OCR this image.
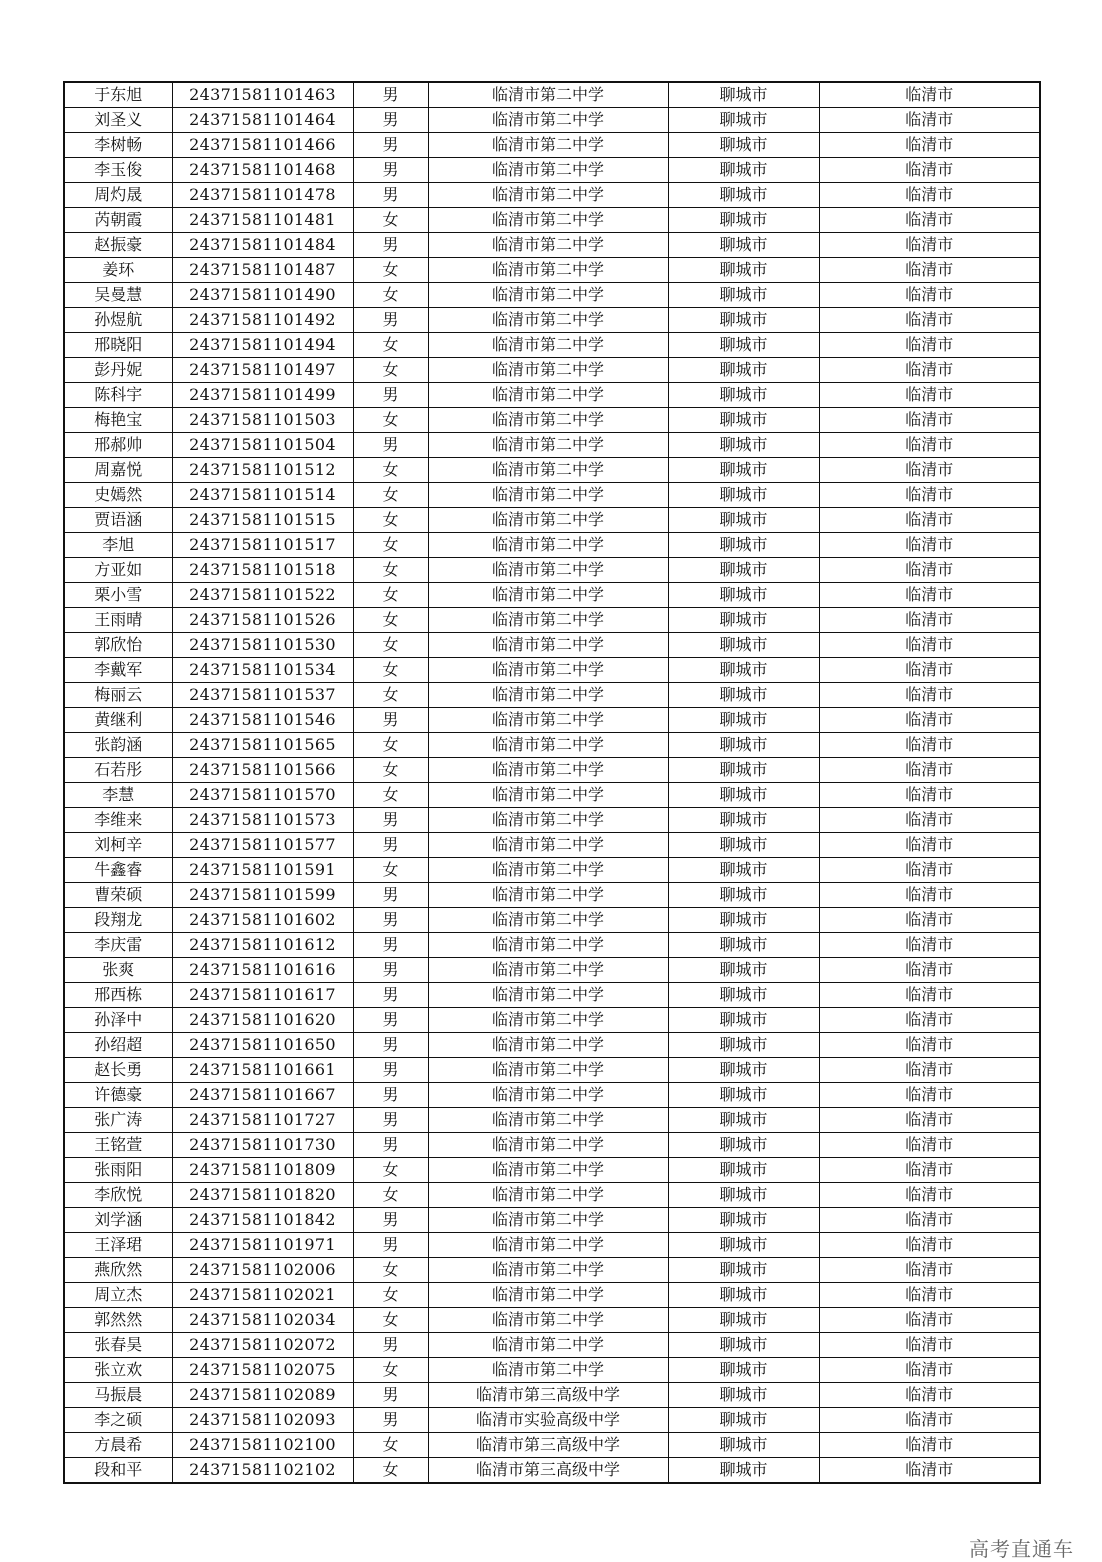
于东旭	24371581101463	男	临清市第二中学	聊城市	临清市
刘圣义	24371581101464	男	临清市第二中学	聊城市	临清市
李树畅	24371581101466	男	临清市第二中学	聊城市	临清市
李玉俊	24371581101468	男	临清市第二中学	聊城市	临清市
周灼晟	24371581101478	男	临清市第二中学	聊城市	临清市
芮朝霞	24371581101481	女	临清市第二中学	聊城市	临清市
赵振豪	24371581101484	男	临清市第二中学	聊城市	临清市
姜环	24371581101487	女	临清市第二中学	聊城市	临清市
吴曼慧	24371581101490	女	临清市第二中学	聊城市	临清市
孙煜航	24371581101492	男	临清市第二中学	聊城市	临清市
邢晓阳	24371581101494	女	临清市第二中学	聊城市	临清市
彭丹妮	24371581101497	女	临清市第二中学	聊城市	临清市
陈科宇	24371581101499	男	临清市第二中学	聊城市	临清市
梅艳宝	24371581101503	女	临清市第二中学	聊城市	临清市
邢郝帅	24371581101504	男	临清市第二中学	聊城市	临清市
周嘉悦	24371581101512	女	临清市第二中学	聊城市	临清市
史嫣然	24371581101514	女	临清市第二中学	聊城市	临清市
贾语涵	24371581101515	女	临清市第二中学	聊城市	临清市
李旭	24371581101517	女	临清市第二中学	聊城市	临清市
方亚如	24371581101518	女	临清市第二中学	聊城市	临清市
栗小雪	24371581101522	女	临清市第二中学	聊城市	临清市
王雨晴	24371581101526	女	临清市第二中学	聊城市	临清市
郭欣怡	24371581101530	女	临清市第二中学	聊城市	临清市
李戴军	24371581101534	女	临清市第二中学	聊城市	临清市
梅丽云	24371581101537	女	临清市第二中学	聊城市	临清市
黄继利	24371581101546	男	临清市第二中学	聊城市	临清市
张韵涵	24371581101565	女	临清市第二中学	聊城市	临清市
石若彤	24371581101566	女	临清市第二中学	聊城市	临清市
李慧	24371581101570	女	临清市第二中学	聊城市	临清市
李维来	24371581101573	男	临清市第二中学	聊城市	临清市
刘柯辛	24371581101577	男	临清市第二中学	聊城市	临清市
牛鑫睿	24371581101591	女	临清市第二中学	聊城市	临清市
曹荣硕	24371581101599	男	临清市第二中学	聊城市	临清市
段翔龙	24371581101602	男	临清市第二中学	聊城市	临清市
李庆雷	24371581101612	男	临清市第二中学	聊城市	临清市
张爽	24371581101616	男	临清市第二中学	聊城市	临清市
邢西栋	24371581101617	男	临清市第二中学	聊城市	临清市
孙泽中	24371581101620	男	临清市第二中学	聊城市	临清市
孙绍超	24371581101650	男	临清市第二中学	聊城市	临清市
赵长勇	24371581101661	男	临清市第二中学	聊城市	临清市
许德豪	24371581101667	男	临清市第二中学	聊城市	临清市
张广涛	24371581101727	男	临清市第二中学	聊城市	临清市
王铭萱	24371581101730	男	临清市第二中学	聊城市	临清市
张雨阳	24371581101809	女	临清市第二中学	聊城市	临清市
李欣悦	24371581101820	女	临清市第二中学	聊城市	临清市
刘学涵	24371581101842	男	临清市第二中学	聊城市	临清市
王泽珺	24371581101971	男	临清市第二中学	聊城市	临清市
燕欣然	24371581102006	女	临清市第二中学	聊城市	临清市
周立杰	24371581102021	女	临清市第二中学	聊城市	临清市
郭然然	24371581102034	女	临清市第二中学	聊城市	临清市
张春昊	24371581102072	男	临清市第二中学	聊城市	临清市
张立欢	24371581102075	女	临清市第二中学	聊城市	临清市
马振晨	24371581102089	男	临清市第三高级中学	聊城市	临清市
李之硕	24371581102093	男	临清市实验高级中学	聊城市	临清市
方晨希	24371581102100	女	临清市第三高级中学	聊城市	临清市
段和平	24371581102102	女	临清市第三高级中学	聊城市	临清市
高考直通车
